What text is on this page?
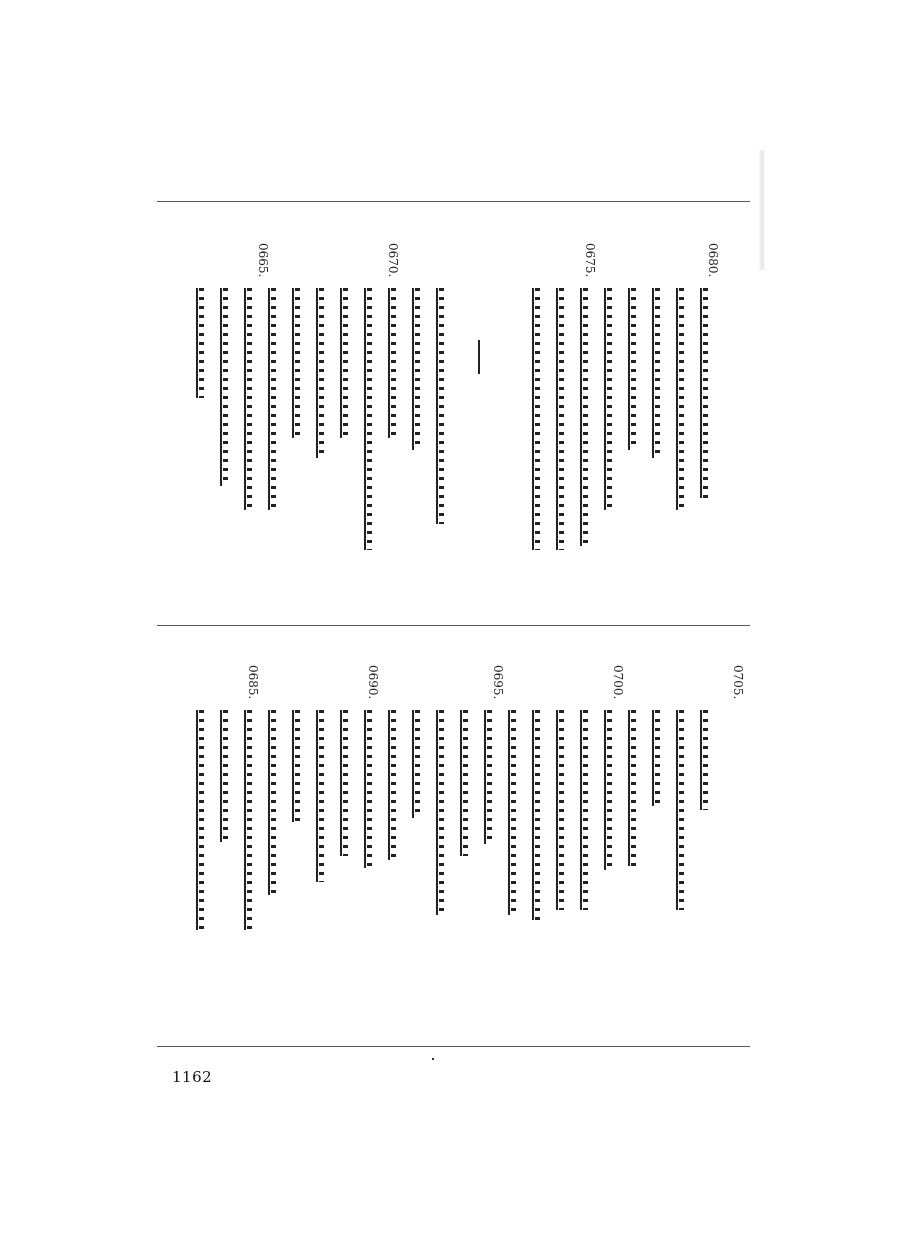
0680.
0675.
0670.
0665.
0705.
0700.
0695.
0690.
0685.
1162
